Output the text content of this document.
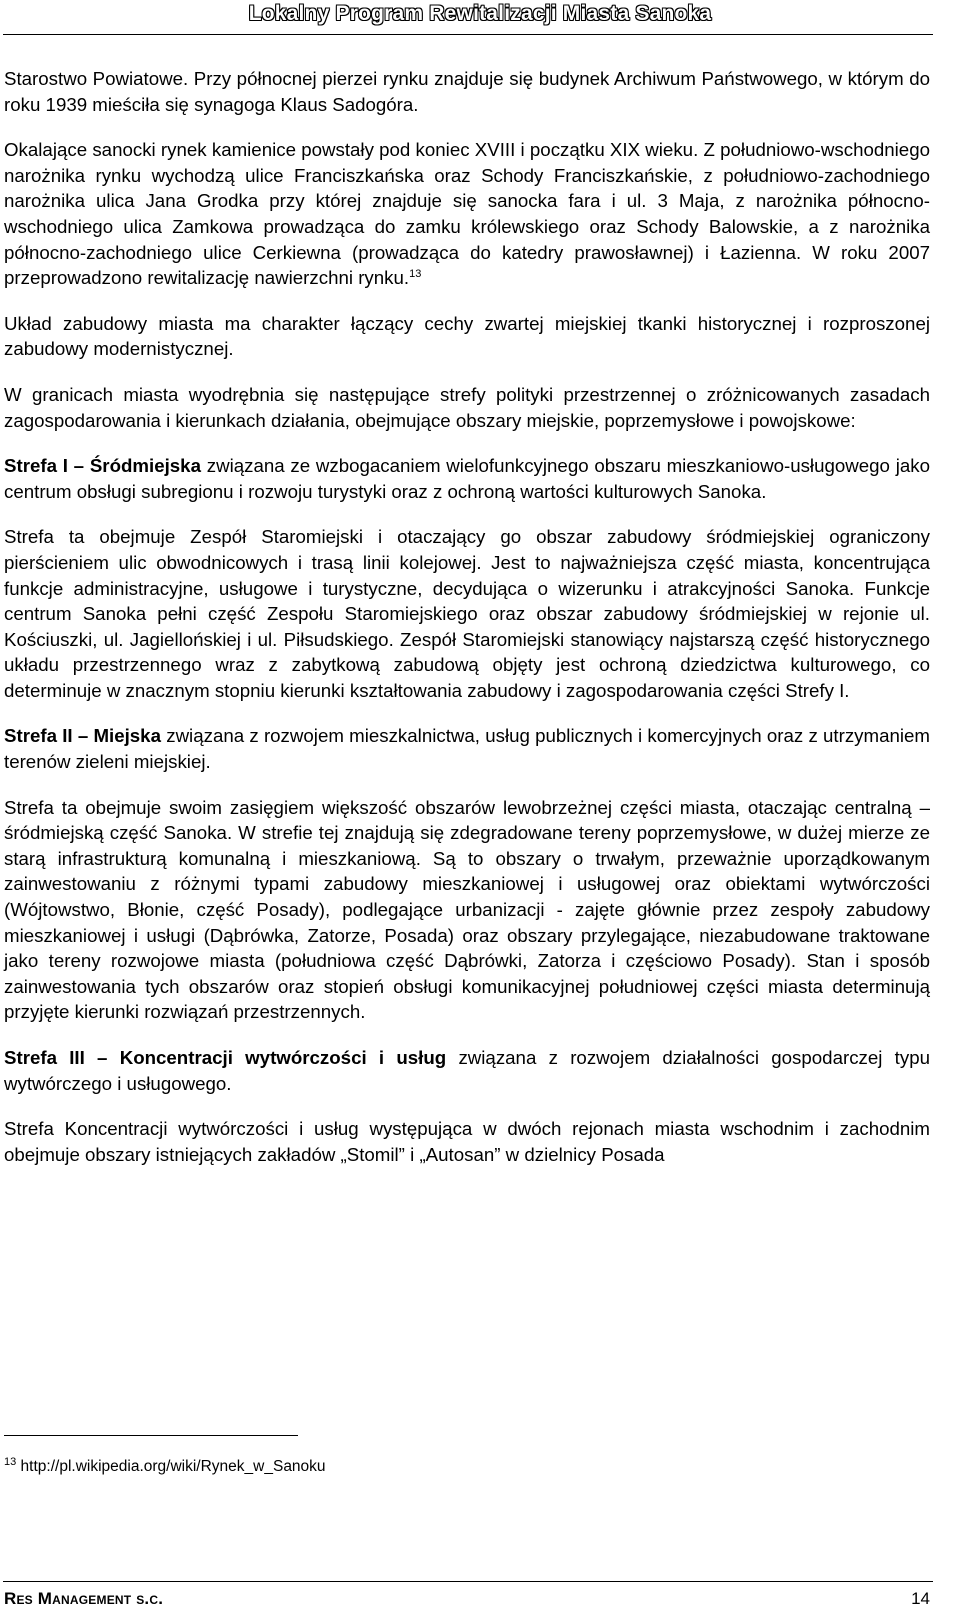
Lokalny Program Rewitalizacji Miasta Sanoka

Starostwo Powiatowe. Przy północnej pierzei rynku znajduje się budynek Archiwum Państwowego, w którym do roku 1939 mieściła się synagoga Klaus Sadogóra.

Okalające sanocki rynek kamienice powstały pod koniec XVIII i początku XIX wieku. Z południowo-wschodniego narożnika rynku wychodzą ulice Franciszkańska oraz Schody Franciszkańskie, z południowo-zachodniego narożnika ulica Jana Grodka przy której znajduje się sanocka fara i ul. 3 Maja, z narożnika północno-wschodniego ulica Zamkowa prowadząca do zamku królewskiego oraz Schody Balowskie, a z narożnika północno-zachodniego ulice Cerkiewna (prowadząca do katedry prawosławnej) i Łazienna. W roku 2007 przeprowadzono rewitalizację nawierzchni rynku.$^{13}$

Układ zabudowy miasta ma charakter łączący cechy zwartej miejskiej tkanki historycznej i rozproszonej zabudowy modernistycznej.

W granicach miasta wyodrębnia się następujące strefy polityki przestrzennej o zróżnicowanych zasadach zagospodarowania i kierunkach działania, obejmujące obszary miejskie, poprzemysłowe i powojskowe:

Strefa I – Śródmiejska związana ze wzbogacaniem wielofunkcyjnego obszaru mieszkaniowo-usługowego jako centrum obsługi subregionu i rozwoju turystyki oraz z ochroną wartości kulturowych Sanoka.

Strefa ta obejmuje Zespół Staromiejski i otaczający go obszar zabudowy śródmiejskiej ograniczony pierścieniem ulic obwodnicowych i trasą linii kolejowej. Jest to najważniejsza część miasta, koncentrująca funkcje administracyjne, usługowe i turystyczne, decydująca o wizerunku i atrakcyjności Sanoka. Funkcje centrum Sanoka pełni część Zespołu Staromiejskiego oraz obszar zabudowy śródmiejskiej w rejonie ul. Kościuszki, ul. Jagiellońskiej i ul. Piłsudskiego. Zespół Staromiejski stanowiący najstarszą część historycznego układu przestrzennego wraz z zabytkową zabudową objęty jest ochroną dziedzictwa kulturowego, co determinuje w znacznym stopniu kierunki kształtowania zabudowy i zagospodarowania części Strefy I.

Strefa II – Miejska związana z rozwojem mieszkalnictwa, usług publicznych i komercyjnych oraz z utrzymaniem terenów zieleni miejskiej.

Strefa ta obejmuje swoim zasięgiem większość obszarów lewobrzeżnej części miasta, otaczając centralną – śródmiejską część Sanoka. W strefie tej znajdują się zdegradowane tereny poprzemysłowe, w dużej mierze ze starą infrastrukturą komunalną i mieszkaniową. Są to obszary o trwałym, przeważnie uporządkowanym zainwestowaniu z różnymi typami zabudowy mieszkaniowej i usługowej oraz obiektami wytwórczości (Wójtowstwo, Błonie, część Posady), podlegające urbanizacji - zajęte głównie przez zespoły zabudowy mieszkaniowej i usługi (Dąbrówka, Zatorze, Posada) oraz obszary przylegające, niezabudowane traktowane jako tereny rozwojowe miasta (południowa część Dąbrówki, Zatorza i częściowo Posady). Stan i sposób zainwestowania tych obszarów oraz stopień obsługi komunikacyjnej południowej części miasta determinują przyjęte kierunki rozwiązań przestrzennych.

Strefa III – Koncentracji wytwórczości i usług związana z rozwojem działalności gospodarczej typu wytwórczego i usługowego.

Strefa Koncentracji wytwórczości i usług występująca w dwóch rejonach miasta wschodnim i zachodnim obejmuje obszary istniejących zakładów „Stomil” i „Autosan” w dzielnicy Posada

$^{13}$ http://pl.wikipedia.org/wiki/Rynek_w_Sanoku
Res Management s.c.	14
